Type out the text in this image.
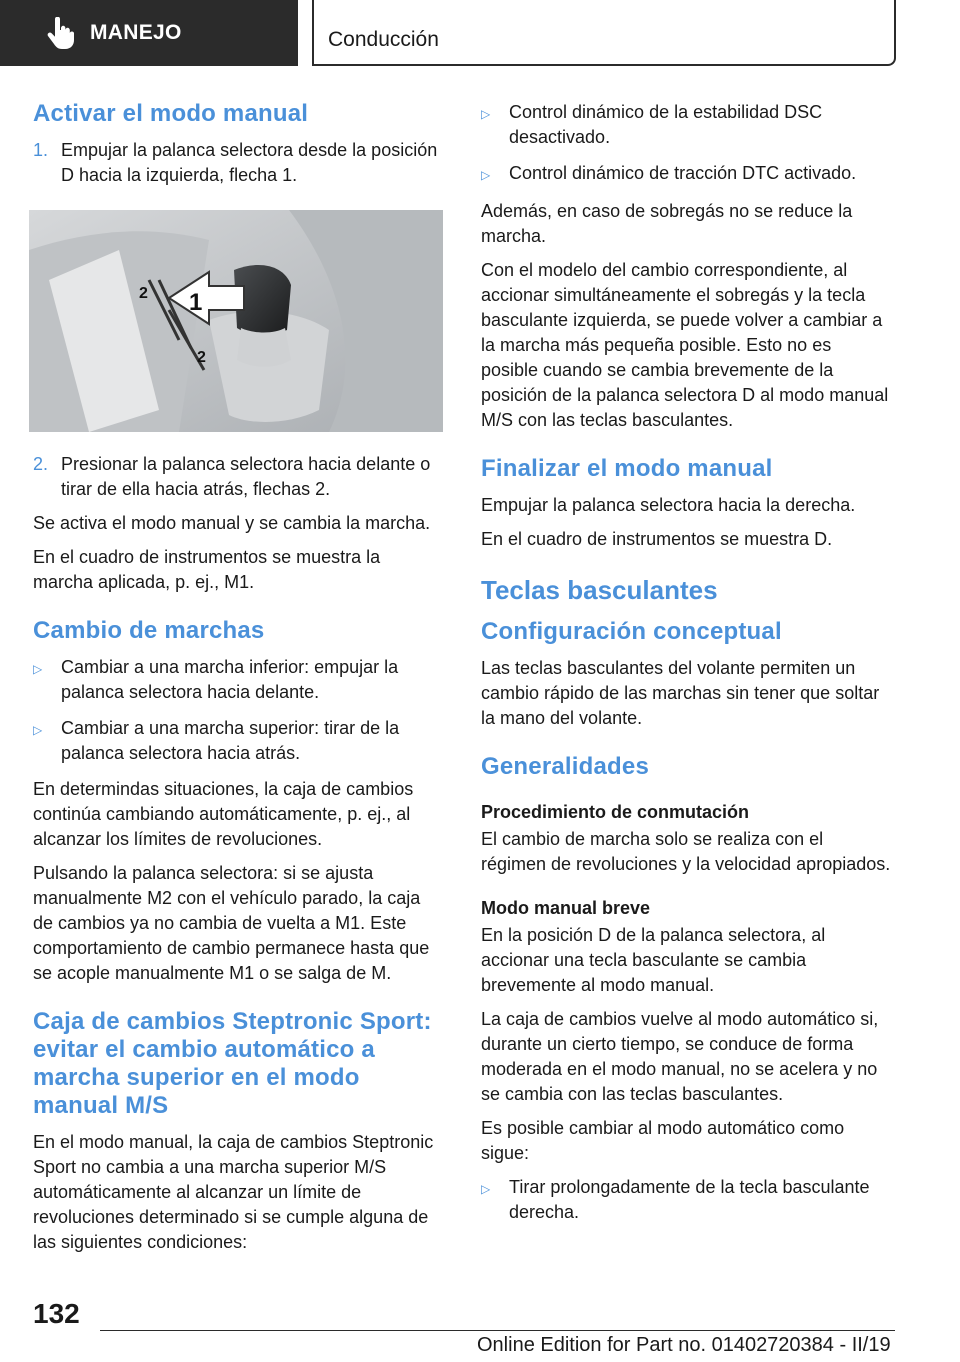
MANEJO	Conducción
Activar el modo manual
1. Empujar la palanca selectora desde la posición D hacia la izquierda, flecha 1.
1
2
2
2. Presionar la palanca selectora hacia delante o tirar de ella hacia atrás, flechas 2.

Se activa el modo manual y se cambia la marcha.

En el cuadro de instrumentos se muestra la marcha aplicada, p. ej., M1.

Cambio de marchas
▷	Cambiar a una marcha inferior: empujar la palanca selectora hacia delante.
▷	Cambiar a una marcha superior: tirar de la palanca selectora hacia atrás.

En determindas situaciones, la caja de cambios continúa cambiando automáticamente, p. ej., al alcanzar los límites de revoluciones.

Pulsando la palanca selectora: si se ajusta manualmente M2 con el vehículo parado, la caja de cambios ya no cambia de vuelta a M1. Este comportamiento de cambio permanece hasta que se acople manualmente M1 o se salga de M.

Caja de cambios Steptronic Sport: evitar el cambio automático a marcha superior en el modo manual M/S

En el modo manual, la caja de cambios Steptronic Sport no cambia a una marcha superior M/S automáticamente al alcanzar un límite de revoluciones determinado si se cumple alguna de las siguientes condiciones:

▷	Control dinámico de la estabilidad DSC desactivado.
▷	Control dinámico de tracción DTC activado.

Además, en caso de sobregás no se reduce la marcha.

Con el modelo del cambio correspondiente, al accionar simultáneamente el sobregás y la tecla basculante izquierda, se puede volver a cambiar a la marcha más pequeña posible. Esto no es posible cuando se cambia brevemente de la posición de la palanca selectora D al modo manual M/S con las teclas basculantes.

Finalizar el modo manual

Empujar la palanca selectora hacia la derecha.

En el cuadro de instrumentos se muestra D.

Teclas basculantes
Configuración conceptual

Las teclas basculantes del volante permiten un cambio rápido de las marchas sin tener que soltar la mano del volante.

Generalidades
Procedimiento de conmutación

El cambio de marcha solo se realiza con el régimen de revoluciones y la velocidad apropiados.

Modo manual breve

En la posición D de la palanca selectora, al accionar una tecla basculante se cambia brevemente al modo manual.

La caja de cambios vuelve al modo automático si, durante un cierto tiempo, se conduce de forma moderada en el modo manual, no se acelera y no se cambia con las teclas basculantes.

Es posible cambiar al modo automático como sigue:

▷	Tirar prolongadamente de la tecla basculante derecha.
132
Online Edition for Part no. 01402720384 - II/19
